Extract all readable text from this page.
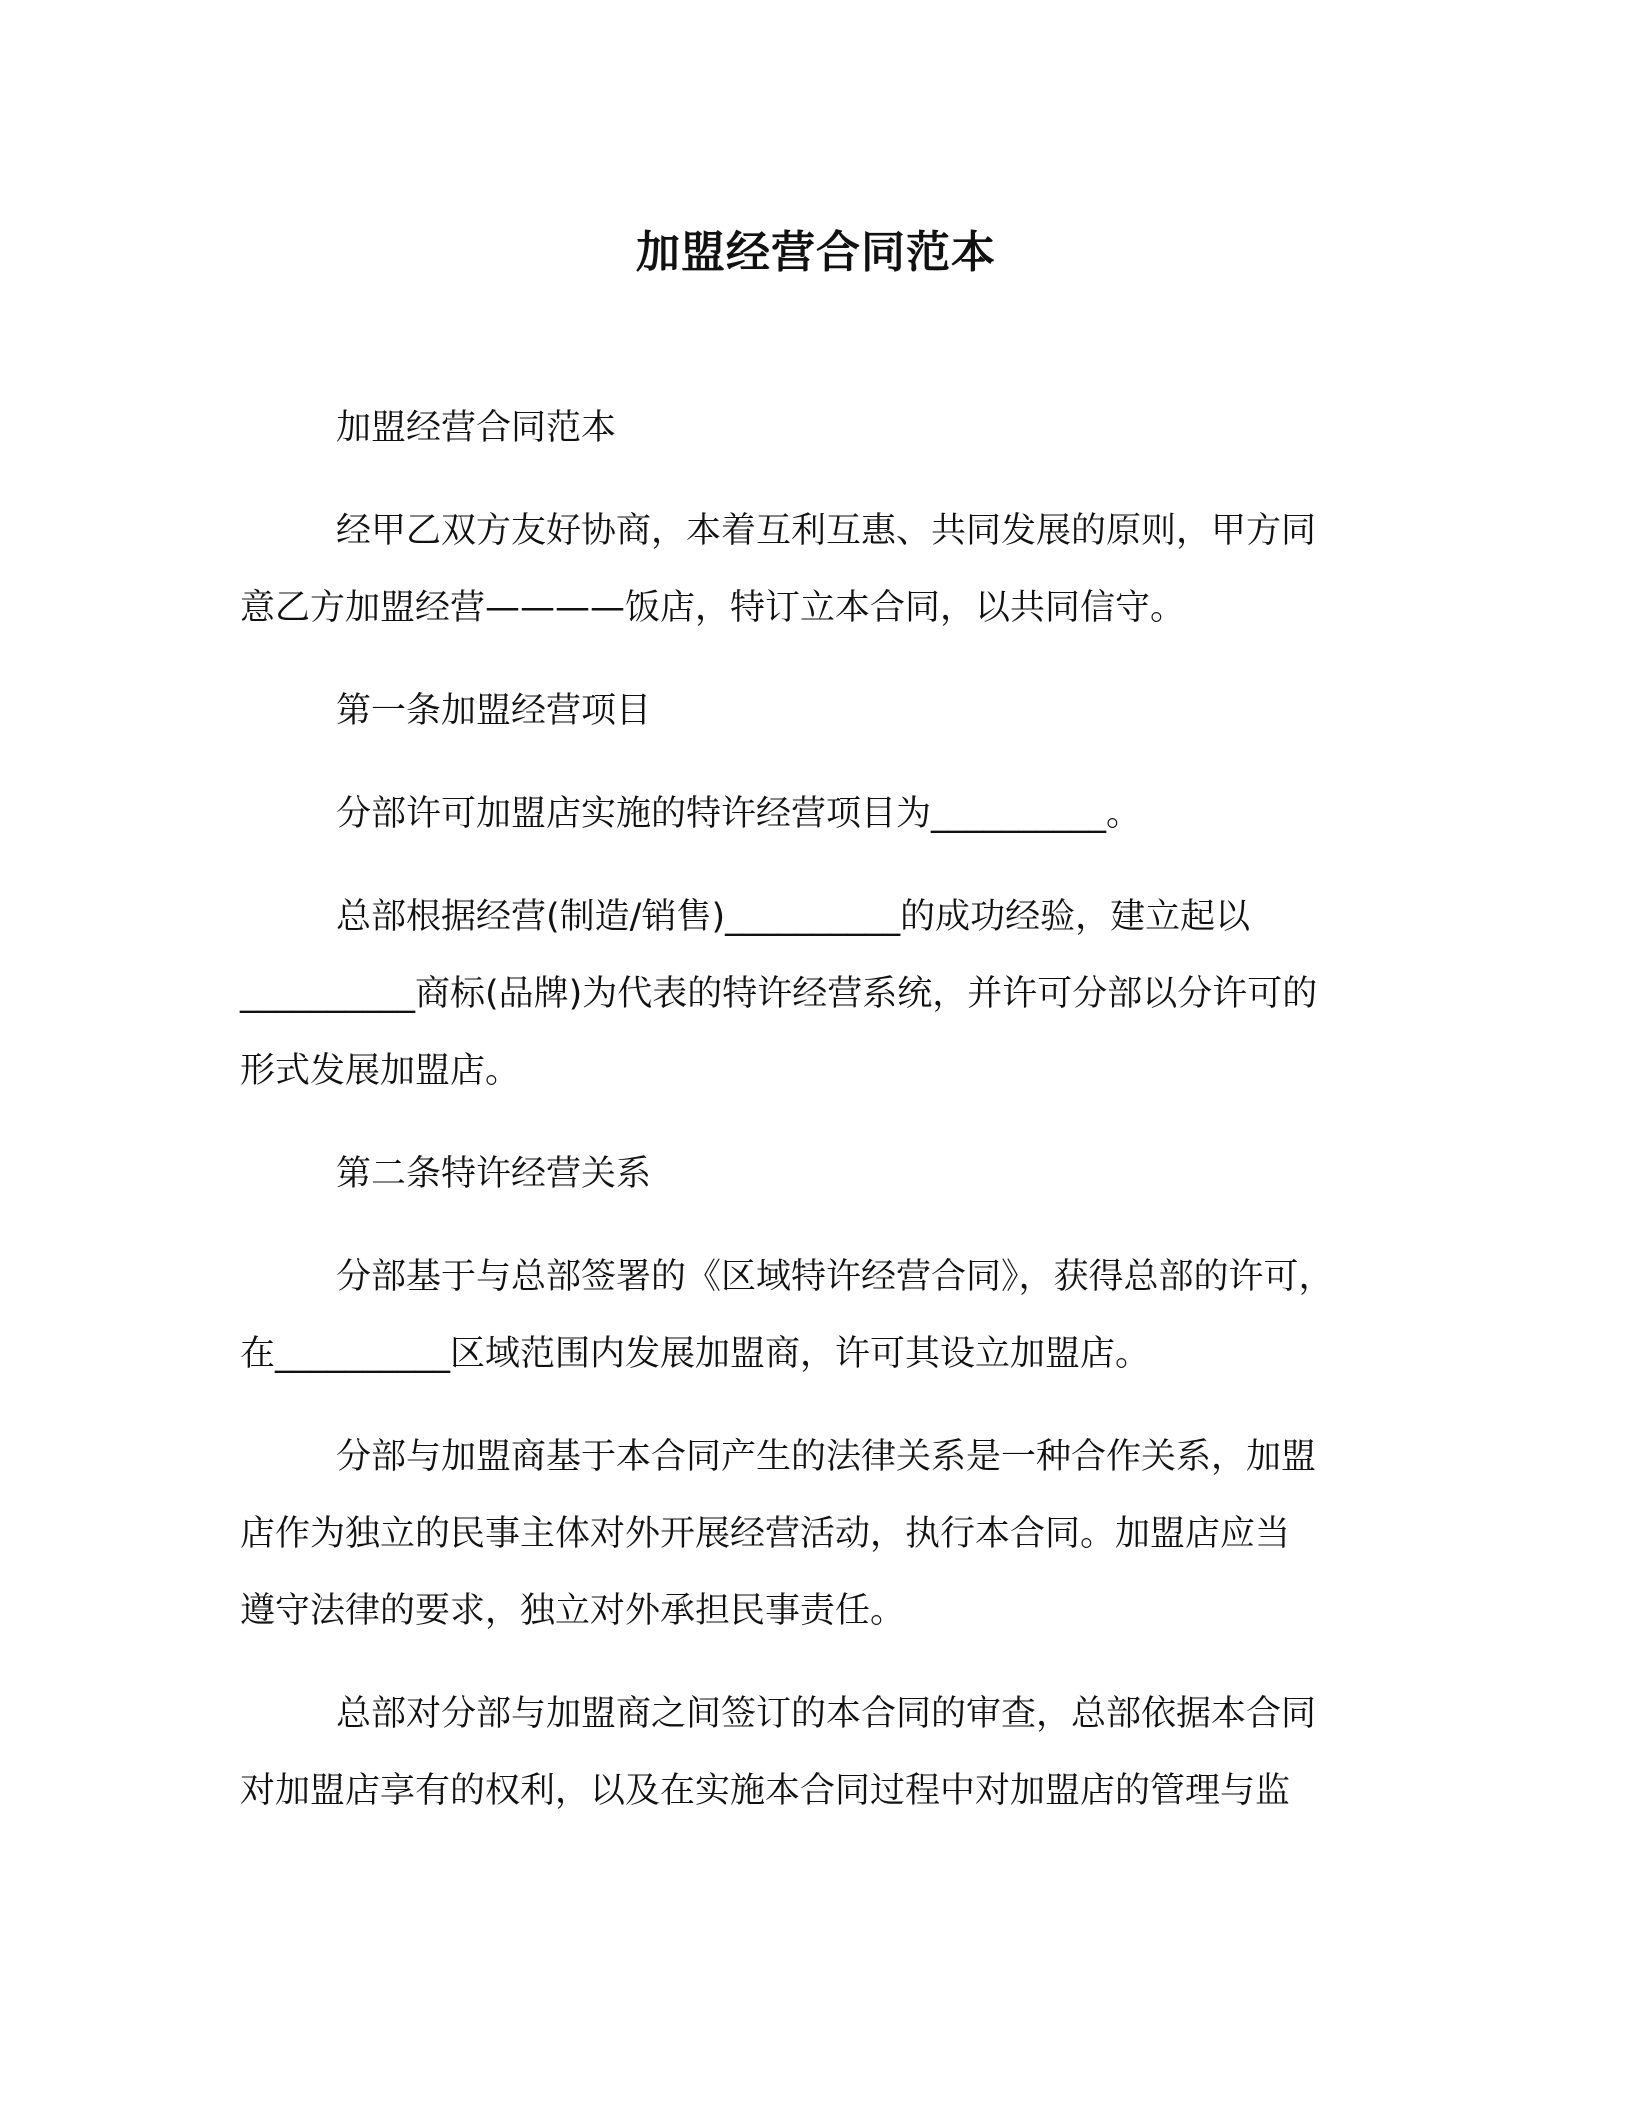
加盟经营合同范本

加盟经营合同范本

经甲乙双方友好协商，本着互利互惠、共同发展的原则，甲方同
意乙方加盟经营————饭店，特订立本合同，以共同信守。

第一条加盟经营项目

分部许可加盟店实施的特许经营项目为__________。

总部根据经营(制造/销售)__________的成功经验，建立起以
__________商标(品牌)为代表的特许经营系统，并许可分部以分许可的
形式发展加盟店。

第二条特许经营关系

分部基于与总部签署的《区域特许经营合同》，获得总部的许可，
在__________区域范围内发展加盟商，许可其设立加盟店。

分部与加盟商基于本合同产生的法律关系是一种合作关系，加盟
店作为独立的民事主体对外开展经营活动，执行本合同。加盟店应当
遵守法律的要求，独立对外承担民事责任。

总部对分部与加盟商之间签订的本合同的审查，总部依据本合同
对加盟店享有的权利，以及在实施本合同过程中对加盟店的管理与监
